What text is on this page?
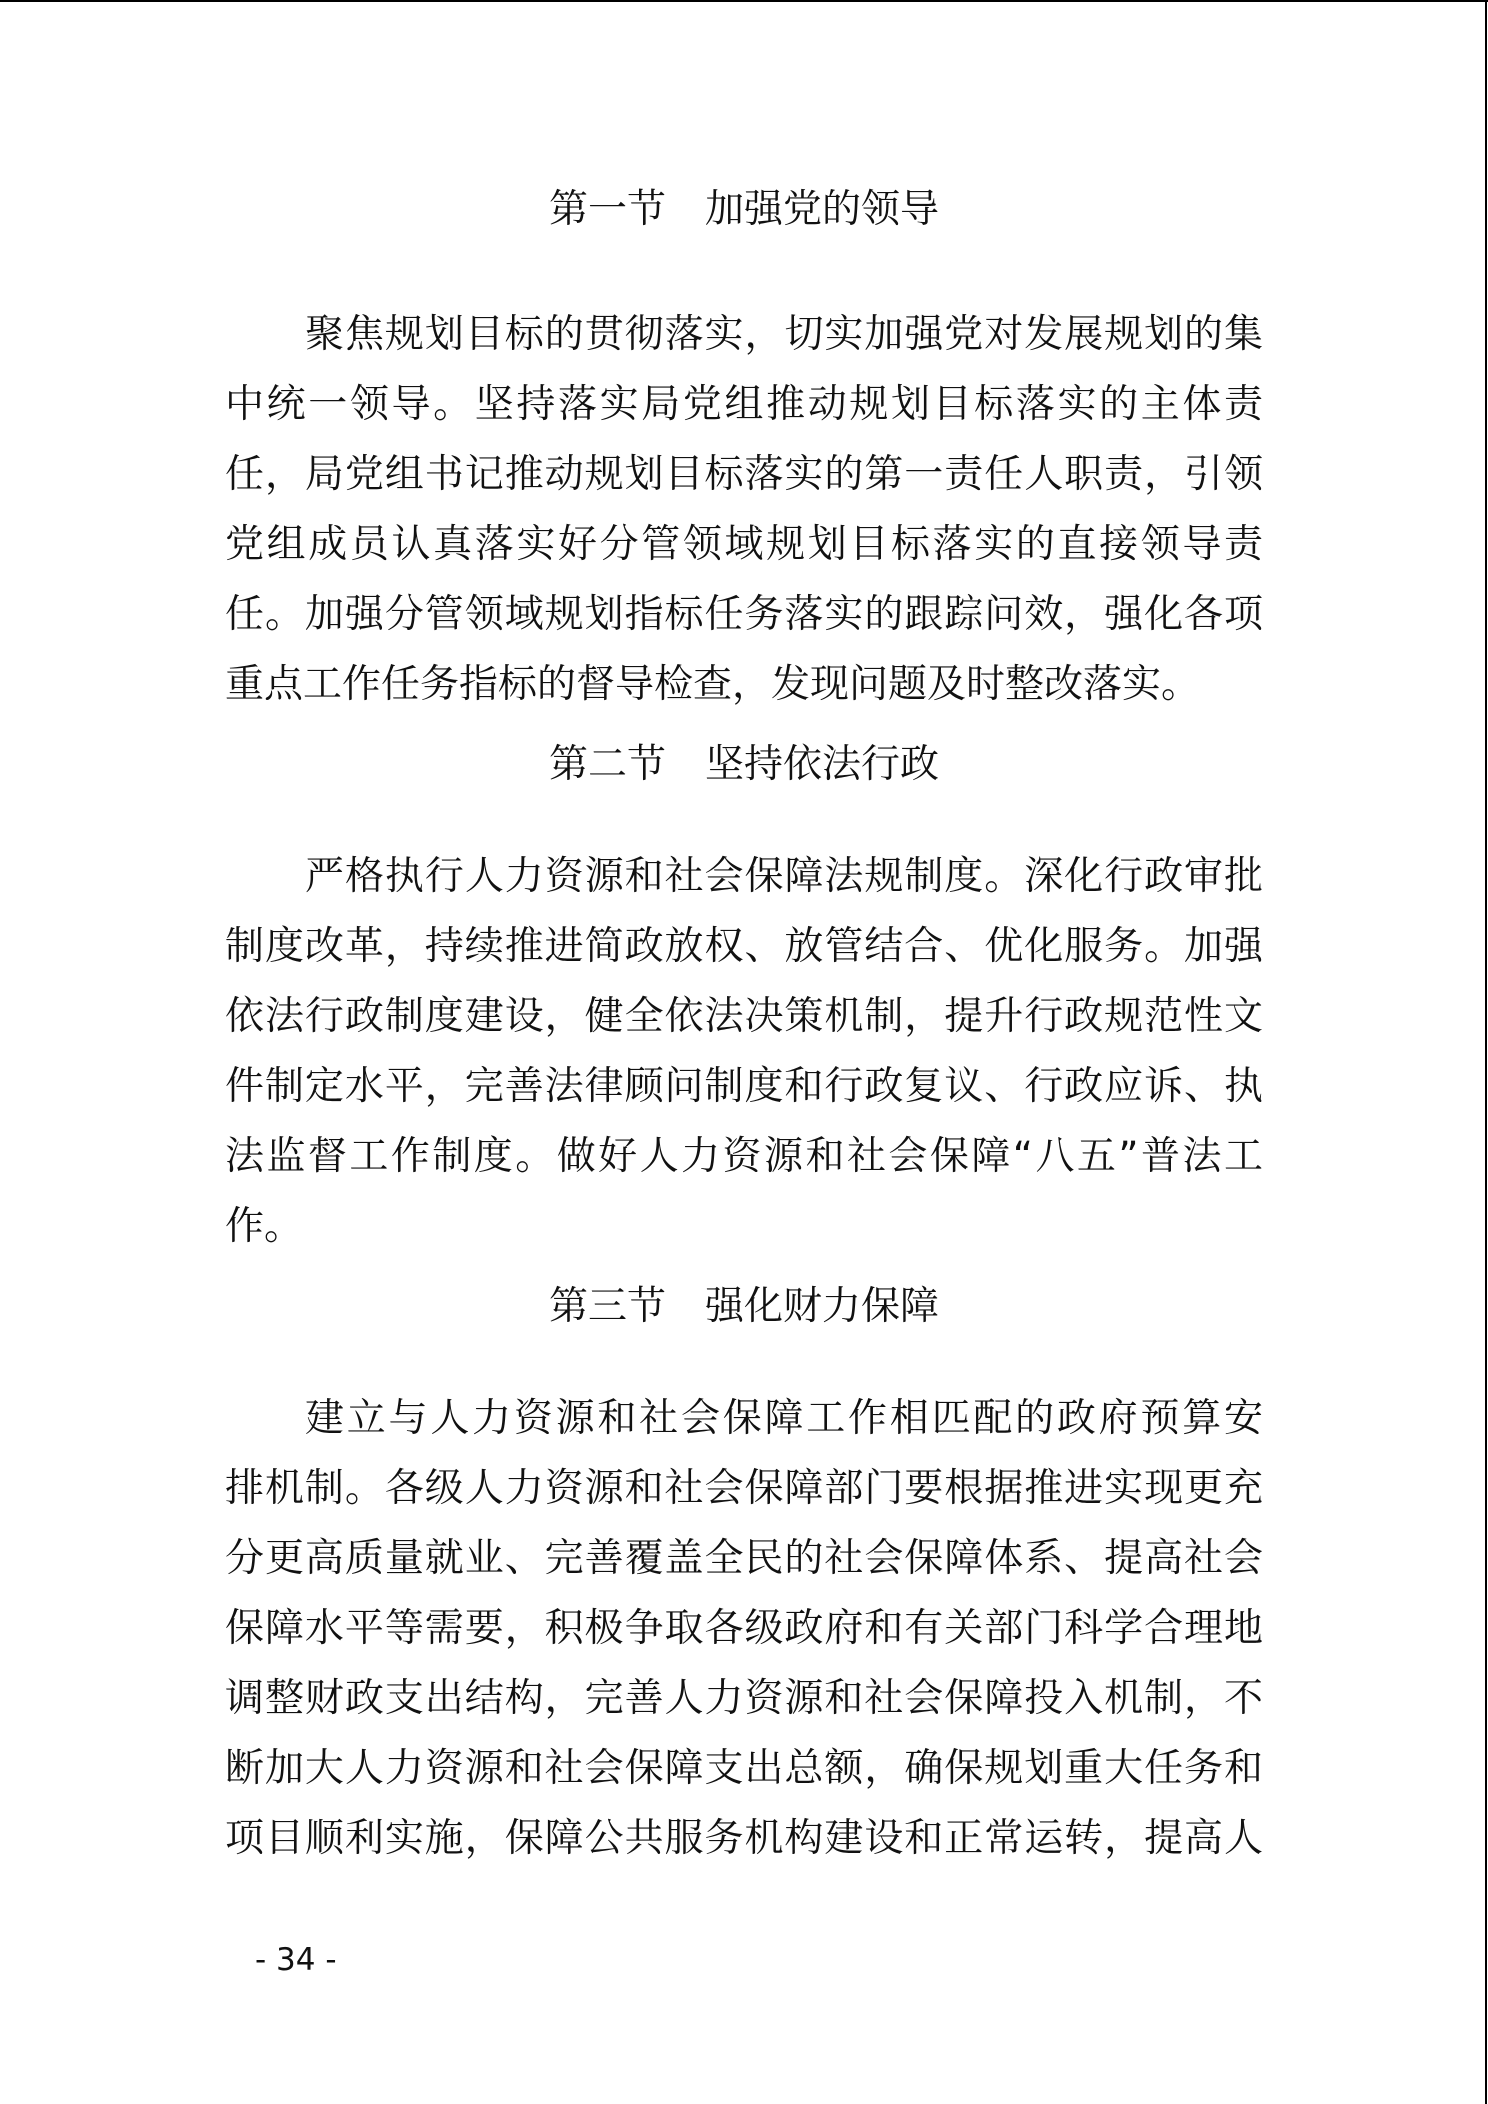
第一节　加强党的领导
聚焦规划目标的贯彻落实，切实加强党对发展规划的集
中统一领导。坚持落实局党组推动规划目标落实的主体责
任，局党组书记推动规划目标落实的第一责任人职责，引领
党组成员认真落实好分管领域规划目标落实的直接领导责
任。加强分管领域规划指标任务落实的跟踪问效，强化各项
重点工作任务指标的督导检查，发现问题及时整改落实。
第二节　坚持依法行政
严格执行人力资源和社会保障法规制度。深化行政审批
制度改革，持续推进简政放权、放管结合、优化服务。加强
依法行政制度建设，健全依法决策机制，提升行政规范性文
件制定水平，完善法律顾问制度和行政复议、行政应诉、执
法监督工作制度。做好人力资源和社会保障“八五”普法工
作。
第三节　强化财力保障
建立与人力资源和社会保障工作相匹配的政府预算安
排机制。各级人力资源和社会保障部门要根据推进实现更充
分更高质量就业、完善覆盖全民的社会保障体系、提高社会
保障水平等需要，积极争取各级政府和有关部门科学合理地
调整财政支出结构，完善人力资源和社会保障投入机制，不
断加大人力资源和社会保障支出总额，确保规划重大任务和
项目顺利实施，保障公共服务机构建设和正常运转，提高人
- 34 -
